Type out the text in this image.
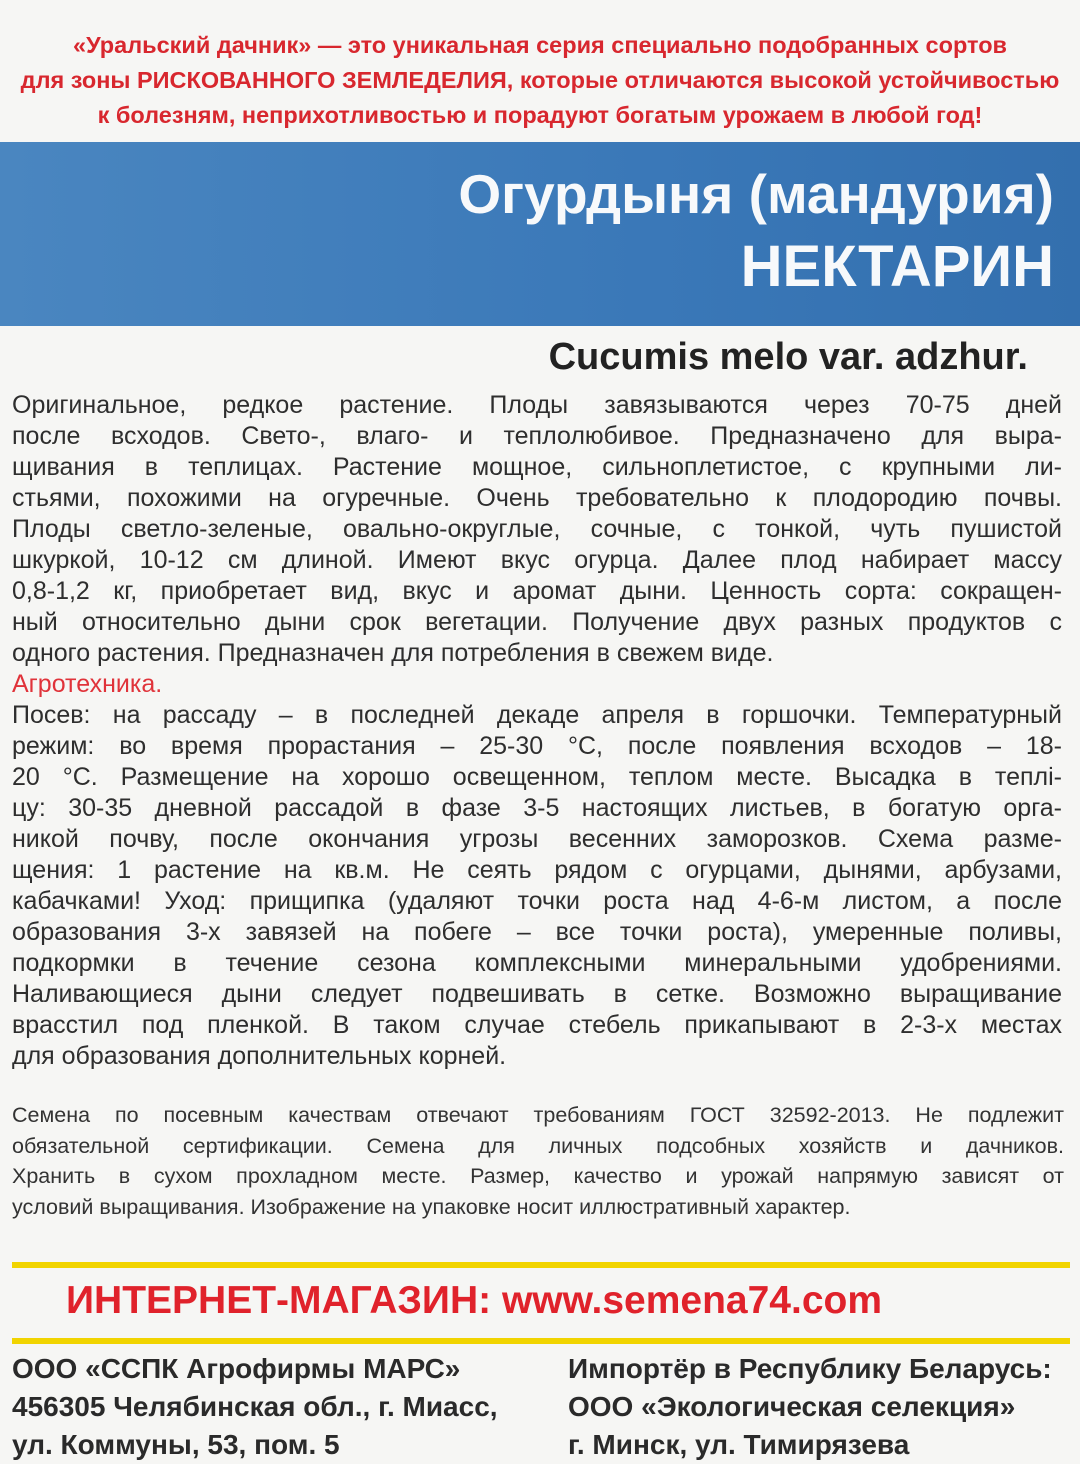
«Уральский дачник» — это уникальная серия специально подобранных сортов
для зоны РИСКОВАННОГО ЗЕМЛЕДЕЛИЯ, которые отличаются высокой устойчивостью
к болезням, неприхотливостью и порадуют богатым урожаем в любой год!
Огурдыня (мандурия)
НЕКТАРИН
Cucumis melo var. adzhur.
Оригинальное, редкое растение. Плоды завязываются через 70-75 дней
после всходов. Свето-, влаго- и теплолюбивое. Предназначено для выра-
щивания в теплицах. Растение мощное, сильноплетистое, с крупными ли-
стьями, похожими на огуречные. Очень требовательно к плодородию почвы.
Плоды светло-зеленые, овально-округлые, сочные, с тонкой, чуть пушистой
шкуркой, 10-12 см длиной. Имеют вкус огурца. Далее плод набирает массу
0,8-1,2 кг, приобретает вид, вкус и аромат дыни. Ценность сорта: сокращен-
ный относительно дыни срок вегетации. Получение двух разных продуктов с
одного растения. Предназначен для потребления в свежем виде.
Агротехника.
Посев: на рассаду – в последней декаде апреля в горшочки. Температурный
режим: во время прорастания – 25-30 °С, после появления всходов – 18-
20 °С. Размещение на хорошо освещенном, теплом месте. Высадка в теплі-
цу: 30-35 дневной рассадой в фазе 3-5 настоящих листьев, в богатую орга-
никой почву, после окончания угрозы весенних заморозков. Схема разме-
щения: 1 растение на кв.м. Не сеять рядом с огурцами, дынями, арбузами,
кабачками! Уход: прищипка (удаляют точки роста над 4-6-м листом, а после
образования 3-х завязей на побеге – все точки роста), умеренные поливы,
подкормки в течение сезона комплексными минеральными удобрениями.
Наливающиеся дыни следует подвешивать в сетке. Возможно выращивание
врасстил под пленкой. В таком случае стебель прикапывают в 2-3-х местах
для образования дополнительных корней.
Семена по посевным качествам отвечают требованиям ГОСТ 32592-2013. Не подлежит
обязательной сертификации. Семена для личных подсобных хозяйств и дачников.
Хранить в сухом прохладном месте. Размер, качество и урожай напрямую зависят от
условий выращивания. Изображение на упаковке носит иллюстративный характер.
ИНТЕРНЕТ-МАГАЗИН: www.semena74.com
ООО «ССПК Агрофирмы МАРС»
456305 Челябинская обл., г. Миасс,
ул. Коммуны, 53, пом. 5
Импортёр в Республику Беларусь:
ООО «Экологическая селекция»
г. Минск, ул. Тимирязева
